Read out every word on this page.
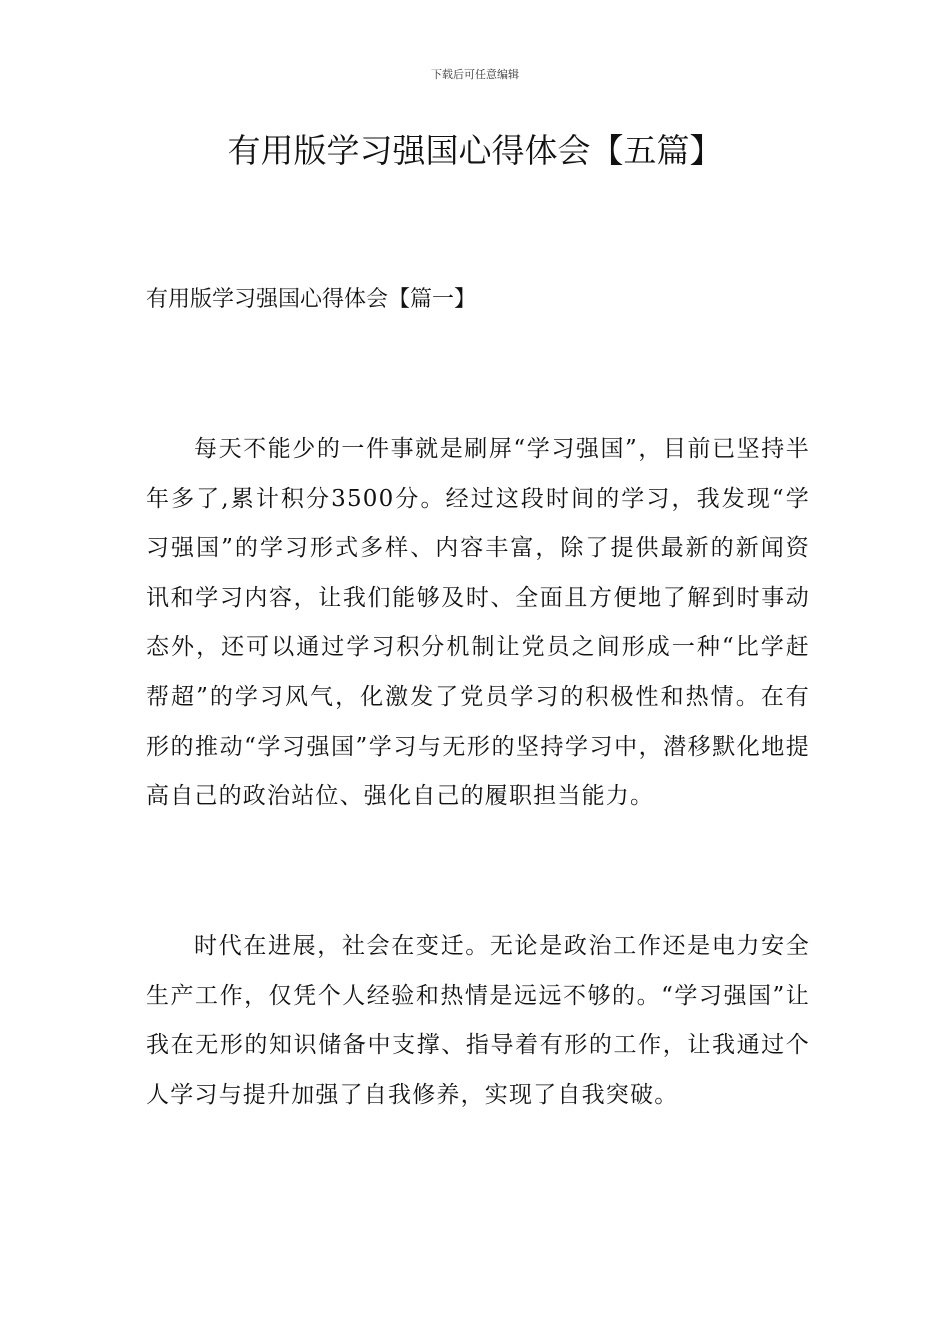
下载后可任意编辑
有用版学习强国心得体会【五篇】
有用版学习强国心得体会【篇一】

每天不能少的一件事就是刷屏“学习强国”，目前已坚持半年多了,累计积分3500分。经过这段时间的学习，我发现“学习强国”的学习形式多样、内容丰富，除了提供最新的新闻资讯和学习内容，让我们能够及时、全面且方便地了解到时事动态外，还可以通过学习积分机制让党员之间形成一种“比学赶帮超”的学习风气，化激发了党员学习的积极性和热情。在有形的推动“学习强国”学习与无形的坚持学习中，潜移默化地提高自己的政治站位、强化自己的履职担当能力。

时代在进展，社会在变迁。无论是政治工作还是电力安全生产工作，仅凭个人经验和热情是远远不够的。“学习强国”让我在无形的知识储备中支撑、指导着有形的工作，让我通过个人学习与提升加强了自我修养，实现了自我突破。
